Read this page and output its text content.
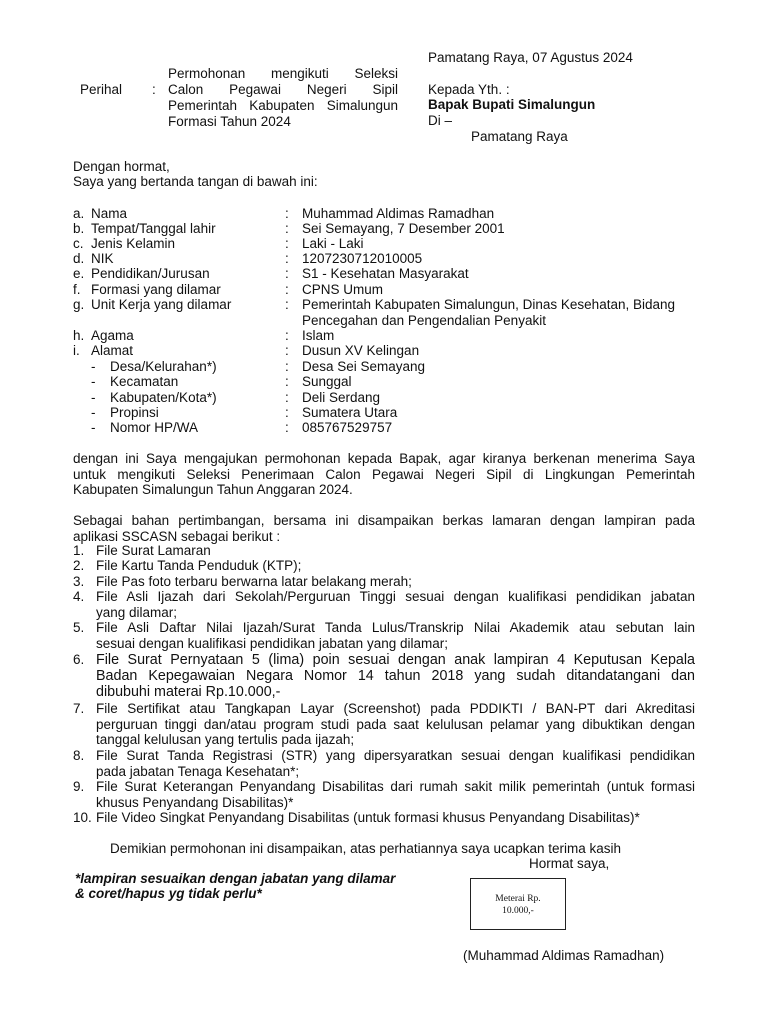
Pamatang Raya, 07 Agustus 2024
Perihal :
Permohonan mengikuti Seleksi
Calon Pegawai Negeri Sipil
Pemerintah Kabupaten Simalungun
Formasi Tahun 2024
Kepada Yth. :
Bapak Bupati Simalungun
Di –
Pamatang Raya
Dengan hormat,
Saya yang bertanda tangan di bawah ini:
a. Nama	: Muhammad Aldimas Ramadhan
b. Tempat/Tanggal lahir	: Sei Semayang, 7 Desember 2001
c. Jenis Kelamin	: Laki - Laki
d. NIK	: 1207230712010005
e. Pendidikan/Jurusan	: S1 - Kesehatan Masyarakat
f. Formasi yang dilamar	: CPNS Umum
g. Unit Kerja yang dilamar	: Pemerintah Kabupaten Simalungun, Dinas Kesehatan, Bidang
Pencegahan dan Pengendalian Penyakit
h. Agama	: Islam
i. Alamat	: Dusun XV Kelingan
- Desa/Kelurahan*)	: Desa Sei Semayang
- Kecamatan	: Sunggal
- Kabupaten/Kota*)	: Deli Serdang
- Propinsi	: Sumatera Utara
- Nomor HP/WA	: 085767529757
dengan ini Saya mengajukan permohonan kepada Bapak, agar kiranya berkenan menerima Saya
untuk mengikuti Seleksi Penerimaan Calon Pegawai Negeri Sipil di Lingkungan Pemerintah
Kabupaten Simalungun Tahun Anggaran 2024.
Sebagai bahan pertimbangan, bersama ini disampaikan berkas lamaran dengan lampiran pada
aplikasi SSCASN sebagai berikut :
1. File Surat Lamaran
2. File Kartu Tanda Penduduk (KTP);
3. File Pas foto terbaru berwarna latar belakang merah;
4. File Asli Ijazah dari Sekolah/Perguruan Tinggi sesuai dengan kualifikasi pendidikan jabatan
yang dilamar;
5. File Asli Daftar Nilai Ijazah/Surat Tanda Lulus/Transkrip Nilai Akademik atau sebutan lain
sesuai dengan kualifikasi pendidikan jabatan yang dilamar;
6. File Surat Pernyataan 5 (lima) poin sesuai dengan anak lampiran 4 Keputusan Kepala
Badan Kepegawaian Negara Nomor 14 tahun 2018 yang sudah ditandatangani dan
dibubuhi materai Rp.10.000,-
7. File Sertifikat atau Tangkapan Layar (Screenshot) pada PDDIKTI / BAN-PT dari Akreditasi
perguruan tinggi dan/atau program studi pada saat kelulusan pelamar yang dibuktikan dengan
tanggal kelulusan yang tertulis pada ijazah;
8. File Surat Tanda Registrasi (STR) yang dipersyaratkan sesuai dengan kualifikasi pendidikan
pada jabatan Tenaga Kesehatan*;
9. File Surat Keterangan Penyandang Disabilitas dari rumah sakit milik pemerintah (untuk formasi
khusus Penyandang Disabilitas)*
10. File Video Singkat Penyandang Disabilitas (untuk formasi khusus Penyandang Disabilitas)*
Demikian permohonan ini disampaikan, atas perhatiannya saya ucapkan terima kasih
Hormat saya,
*lampiran sesuaikan dengan jabatan yang dilamar
& coret/hapus yg tidak perlu*	Meterai Rp.
10.000,-
(Muhammad Aldimas Ramadhan)
